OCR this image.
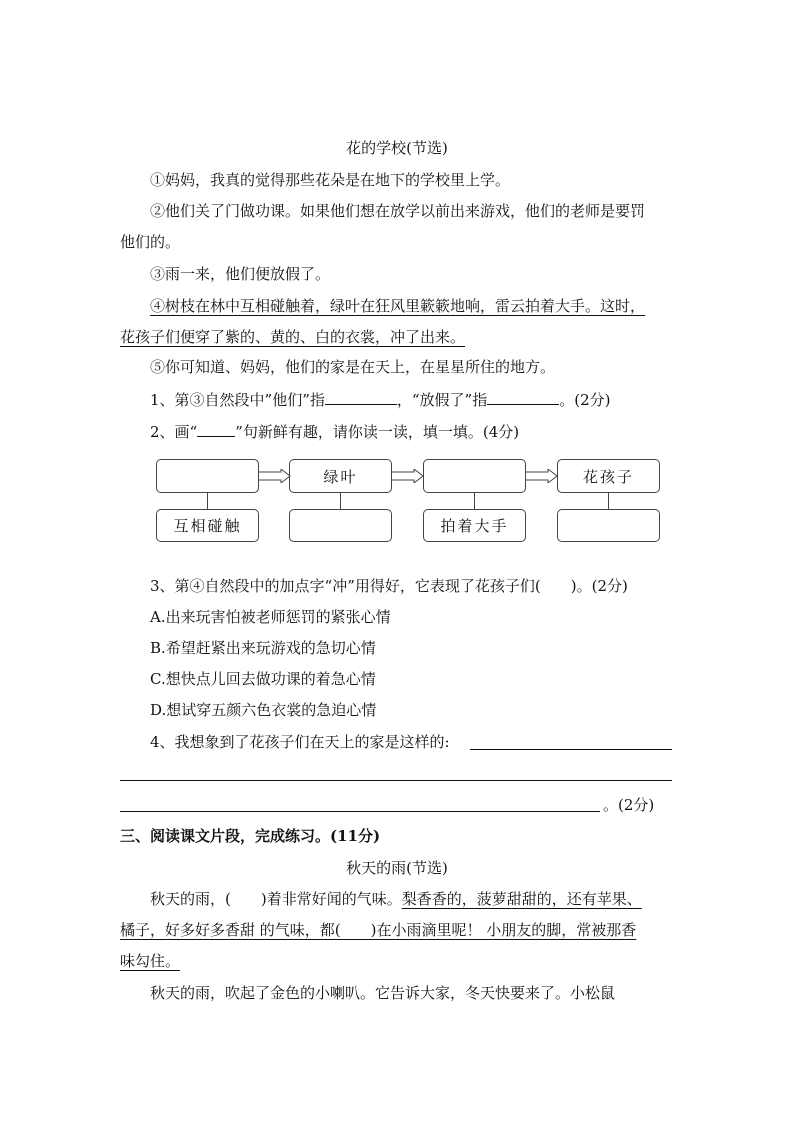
花的学校(节选)
①妈妈，我真的觉得那些花朵是在地下的学校里上学。
②他们关了门做功课。如果他们想在放学以前出来游戏，他们的老师是要罚
他们的。
③雨一来，他们便放假了。
④树枝在林中互相碰触着，绿叶在狂风里簌簌地响，雷云拍着大手。这时，
花孩子们便穿了紫的、黄的、白的衣裳，冲了出来。
⑤你可知道、妈妈，他们的家是在天上，在星星所住的地方。
1、第③自然段中”他们”指	，“放假了”指	。(2分)
2、画“	”句新鲜有趣，请你读一读，填一填。(4分)
绿叶	花孩子
互相碰触	拍着大手
3、第④自然段中的加点字“冲”用得好，它表现了花孩子们(　　)。(2分)
A.出来玩害怕被老师惩罚的紧张心情
B.希望赶紧出来玩游戏的急切心情
C.想快点儿回去做功课的着急心情
D.想试穿五颜六色衣裳的急迫心情
4、我想象到了花孩子们在天上的家是这样的:
。(2分)
三、阅读课文片段，完成练习。(11分)
秋天的雨(节选)
秋天的雨，(　　)着非常好闻的气味。梨香香的，菠萝甜甜的，还有苹果、
橘子，好多好多香甜 的气味，都(　　)在小雨滴里呢！ 小朋友的脚，常被那香
味勾住。
秋天的雨，吹起了金色的小喇叭。它告诉大家，冬天快要来了。小松鼠
